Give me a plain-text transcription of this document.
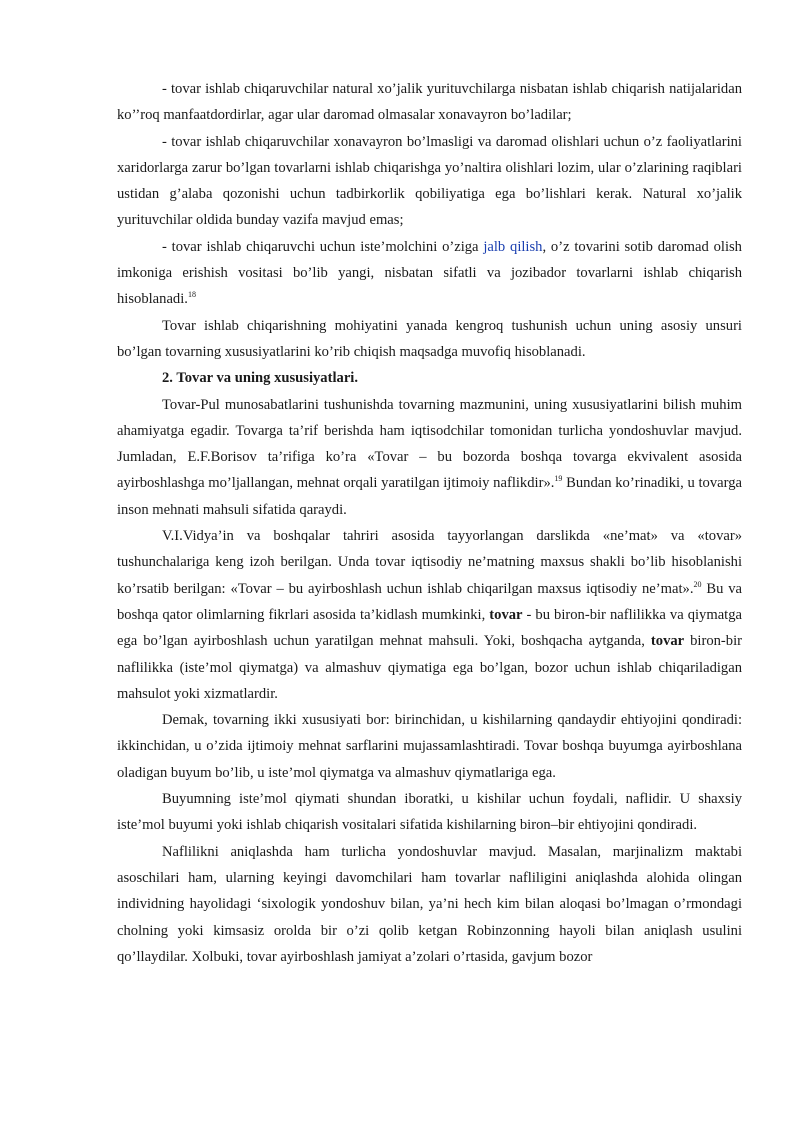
- tovar ishlab chiqaruvchilar natural xo’jalik yurituvchilarga nisbatan ishlab chiqarish natijalaridan ko’’roq manfaatdordirlar, agar ular daromad olmasalar xonavayron bo’ladilar;

- tovar ishlab chiqaruvchilar xonavayron bo’lmasligi va daromad olishlari uchun o’z faoliyatlarini xaridorlarga zarur bo’lgan tovarlarni ishlab chiqarishga yo’naltira olishlari lozim, ular o’zlarining raqiblari ustidan g’alaba qozonishi uchun tadbirkorlik qobiliyatiga ega bo’lishlari kerak. Natural xo’jalik yurituvchilar oldida bunday vazifa mavjud emas;

- tovar ishlab chiqaruvchi uchun iste’molchini o’ziga jalb qilish, o’z tovarini sotib daromad olish imkoniga erishish vositasi bo’lib yangi, nisbatan sifatli va jozibador tovarlarni ishlab chiqarish hisoblanadi.$^{18}$

Tovar ishlab chiqarishning mohiyatini yanada kengroq tushunish uchun uning asosiy unsuri bo’lgan tovarning xususiyatlarini ko’rib chiqish maqsadga muvofiq hisoblanadi.

2. Tovar va uning xususiyatlari.

Tovar-Pul munosabatlarini tushunishda tovarning mazmunini, uning xususiyatlarini bilish muhim ahamiyatga egadir. Tovarga ta’rif berishda ham iqtisodchilar tomonidan turlicha yondoshuvlar mavjud. Jumladan, E.F.Borisov ta’rifiga ko’ra «Tovar – bu bozorda boshqa tovarga ekvivalent asosida ayirboshlashga mo’ljallangan, mehnat orqali yaratilgan ijtimoiy naflikdir».$^{19}$ Bundan ko’rinadiki, u tovarga inson mehnati mahsuli sifatida qaraydi.

V.I.Vidya’in va boshqalar tahriri asosida tayyorlangan darslikda «ne’mat» va «tovar» tushunchalariga keng izoh berilgan. Unda tovar iqtisodiy ne’matning maxsus shakli bo’lib hisoblanishi ko’rsatib berilgan: «Tovar – bu ayirboshlash uchun ishlab chiqarilgan maxsus iqtisodiy ne’mat».$^{20}$ Bu va boshqa qator olimlarning fikrlari asosida ta’kidlash mumkinki, tovar - bu biron-bir naflilikka va qiymatga ega bo’lgan ayirboshlash uchun yaratilgan mehnat mahsuli. Yoki, boshqacha aytganda, tovar biron-bir naflilikka (iste’mol qiymatga) va almashuv qiymatiga ega bo’lgan, bozor uchun ishlab chiqariladigan mahsulot yoki xizmatlardir.

Demak, tovarning ikki xususiyati bor: birinchidan, u kishilarning qandaydir ehtiyojini qondiradi: ikkinchidan, u o’zida ijtimoiy mehnat sarflarini mujassamlashtiradi. Tovar boshqa buyumga ayirboshlana oladigan buyum bo’lib, u iste’mol qiymatga va almashuv qiymatlariga ega.

Buyumning iste’mol qiymati shundan iboratki, u kishilar uchun foydali, naflidir. U shaxsiy iste’mol buyumi yoki ishlab chiqarish vositalari sifatida kishilarning biron–bir ehtiyojini qondiradi.

Naflilikni aniqlashda ham turlicha yondoshuvlar mavjud. Masalan, marjinalizm maktabi asoschilari ham, ularning keyingi davomchilari ham tovarlar nafliligini aniqlashda alohida olingan individning hayolidagi ‘sixologik yondoshuv bilan, ya’ni hech kim bilan aloqasi bo’lmagan o’rmondagi cholning yoki kimsasiz orolda bir o’zi qolib ketgan Robinzonning hayoli bilan aniqlash usulini qo’llaydilar. Xolbuki, tovar ayirboshlash jamiyat a’zolari o’rtasida, gavjum bozor
